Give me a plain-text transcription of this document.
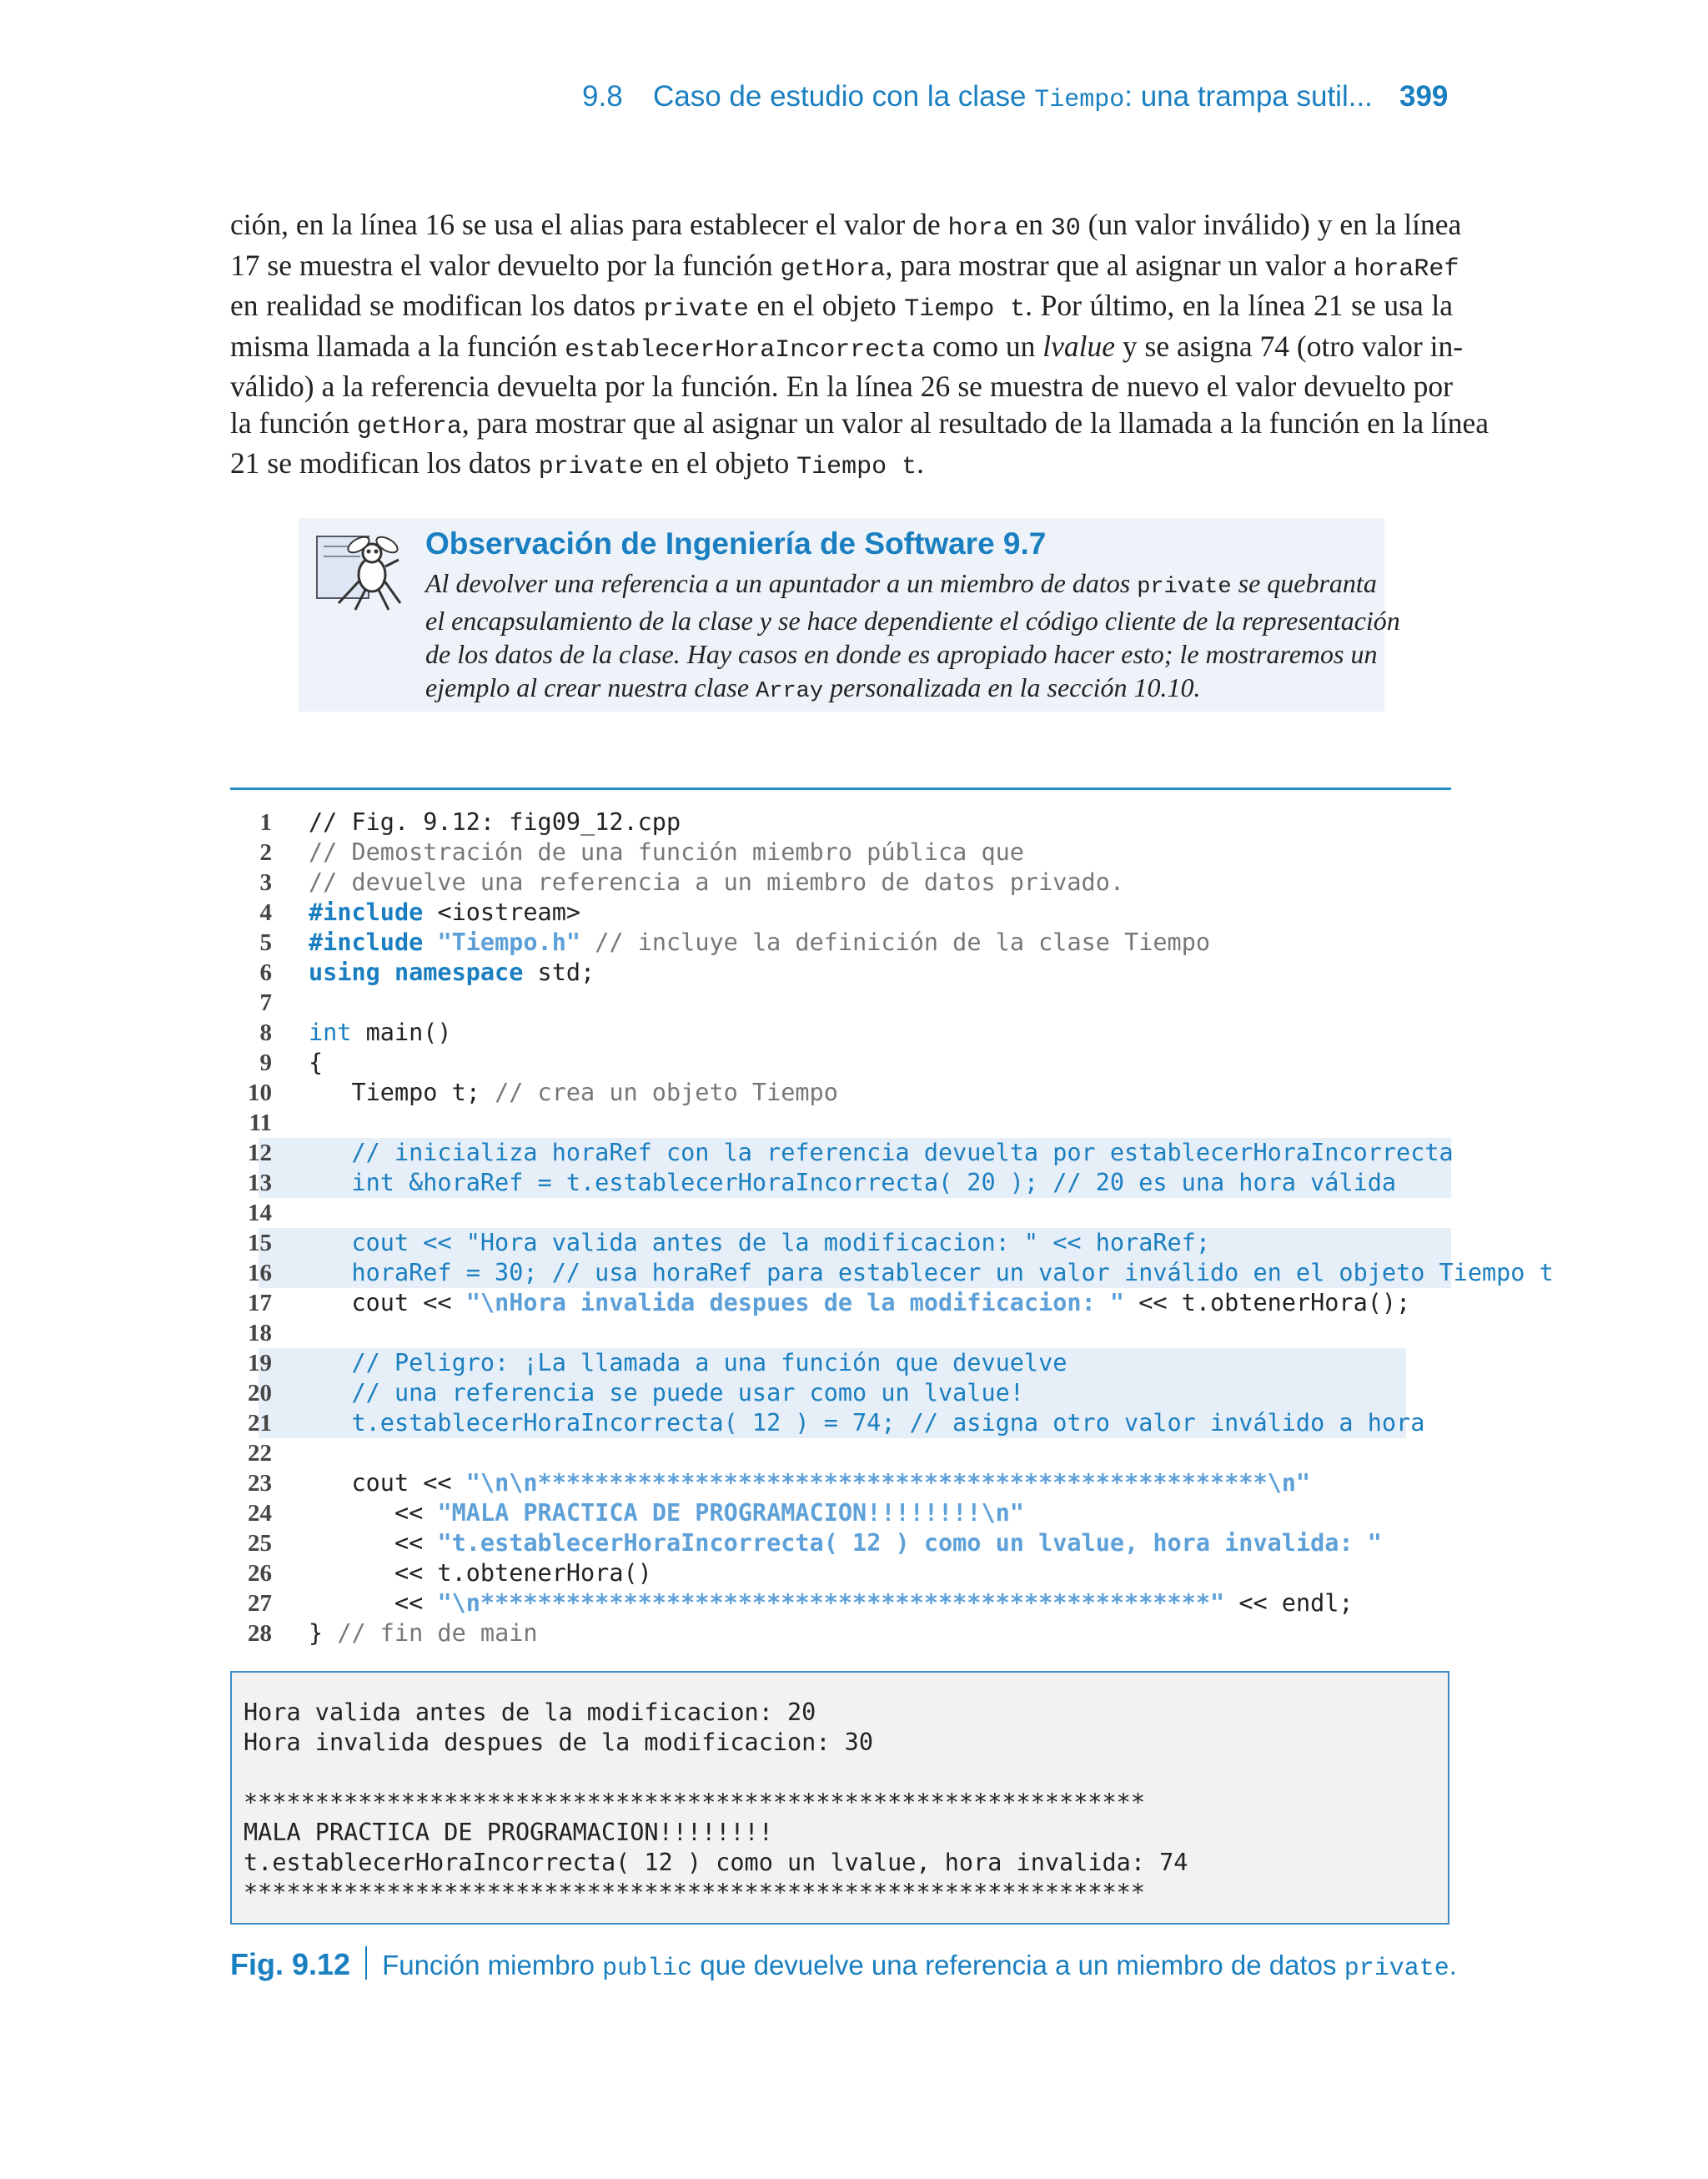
9.8 Caso de estudio con la clase Tiempo: una trampa sutil... 399
ción, en la línea 16 se usa el alias para establecer el valor de hora en 30 (un valor inválido) y en la línea
17 se muestra el valor devuelto por la función getHora, para mostrar que al asignar un valor a horaRef
en realidad se modifican los datos private en el objeto Tiempo t. Por último, en la línea 21 se usa la
misma llamada a la función establecerHoraIncorrecta como un lvalue y se asigna 74 (otro valor in-
válido) a la referencia devuelta por la función. En la línea 26 se muestra de nuevo el valor devuelto por
la función getHora, para mostrar que al asignar un valor al resultado de la llamada a la función en la línea
21 se modifican los datos private en el objeto Tiempo t.
Observación de Ingeniería de Software 9.7
Al devolver una referencia a un apuntador a un miembro de datos private se quebranta
el encapsulamiento de la clase y se hace dependiente el código cliente de la representación
de los datos de la clase. Hay casos en donde es apropiado hacer esto; le mostraremos un
ejemplo al crear nuestra clase Array personalizada en la sección 10.10.
1 // Fig. 9.12: fig09_12.cpp
2 // Demostración de una función miembro pública que
3 // devuelve una referencia a un miembro de datos privado.
4 #include <iostream>
5 #include "Tiempo.h" // incluye la definición de la clase Tiempo
6 using namespace std;
7
8 int main()
9 {
10 Tiempo t; // crea un objeto Tiempo
11
12 // inicializa horaRef con la referencia devuelta por establecerHoraIncorrecta
13 int &horaRef = t.establecerHoraIncorrecta( 20 ); // 20 es una hora válida
14
15 cout << "Hora valida antes de la modificacion: " << horaRef;
16 horaRef = 30; // usa horaRef para establecer un valor inválido en el objeto Tiempo t
17 cout << "\nHora invalida despues de la modificacion: " << t.obtenerHora();
18
19 // Peligro: ¡La llamada a una función que devuelve
20 // una referencia se puede usar como un lvalue!
21 t.establecerHoraIncorrecta( 12 ) = 74; // asigna otro valor inválido a hora
22
23 cout << "\n\n***************************************************\n"
24 << "MALA PRACTICA DE PROGRAMACION!!!!!!!!\n"
25 << "t.establecerHoraIncorrecta( 12 ) como un lvalue, hora invalida: "
26 << t.obtenerHora()
27 << "\n***************************************************" << endl;
28 } // fin de main
Hora valida antes de la modificacion: 20
Hora invalida despues de la modificacion: 30

***************************************************************
MALA PRACTICA DE PROGRAMACION!!!!!!!!
t.establecerHoraIncorrecta( 12 ) como un lvalue, hora invalida: 74
***************************************************************
Fig. 9.12 Función miembro public que devuelve una referencia a un miembro de datos private.
